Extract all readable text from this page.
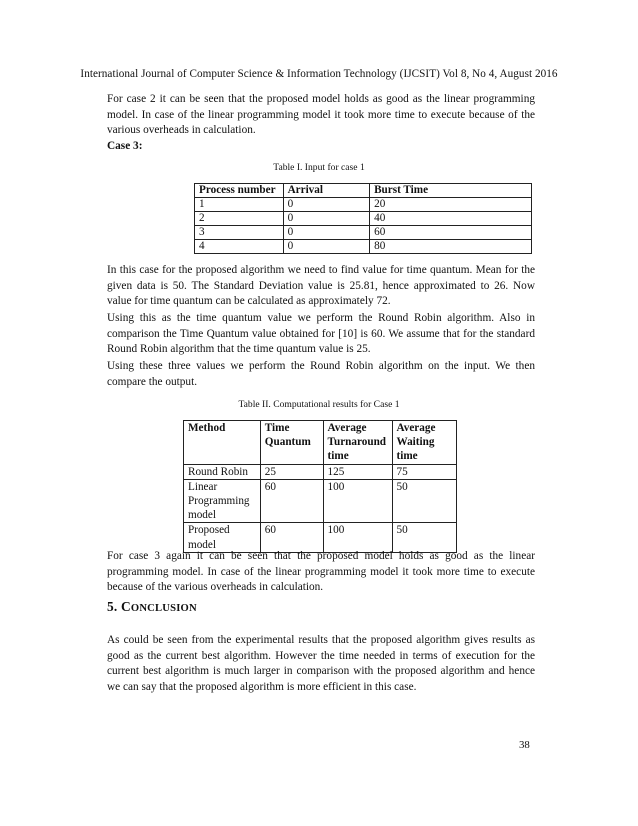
International Journal of Computer Science & Information Technology (IJCSIT) Vol 8, No 4, August 2016

For case 2 it can be seen that the proposed model holds as good as the linear programming model. In case of the linear programming model it took more time to execute because of the various overheads in calculation.

Case 3:
Table I. Input for case 1
Process number	Arrival	Burst Time
1	0	20
2	0	40
3	0	60
4	0	80

In this case for the proposed algorithm we need to find value for time quantum. Mean for the given data is 50. The Standard Deviation value is 25.81, hence approximated to 26. Now value for time quantum can be calculated as approximately 72.

Using this as the time quantum value we perform the Round Robin algorithm. Also in comparison the Time Quantum value obtained for [10] is 60. We assume that for the standard Round Robin algorithm that the time quantum value is 25.

Using these three values we perform the Round Robin algorithm on the input. We then compare the output.

Table II. Computational results for Case 1
Method	Time Quantum	Average Turnaround time	Average Waiting time
Round Robin	25	125	75
Linear Programming model	60	100	50
Proposed model	60	100	50

For case 3 again it can be seen that the proposed model holds as good as the linear programming model. In case of the linear programming model it took more time to execute because of the various overheads in calculation.

5. CONCLUSION

As could be seen from the experimental results that the proposed algorithm gives results as good as the current best algorithm. However the time needed in terms of execution for the current best algorithm is much larger in comparison with the proposed algorithm and hence we can say that the proposed algorithm is more efficient in this case.

38
